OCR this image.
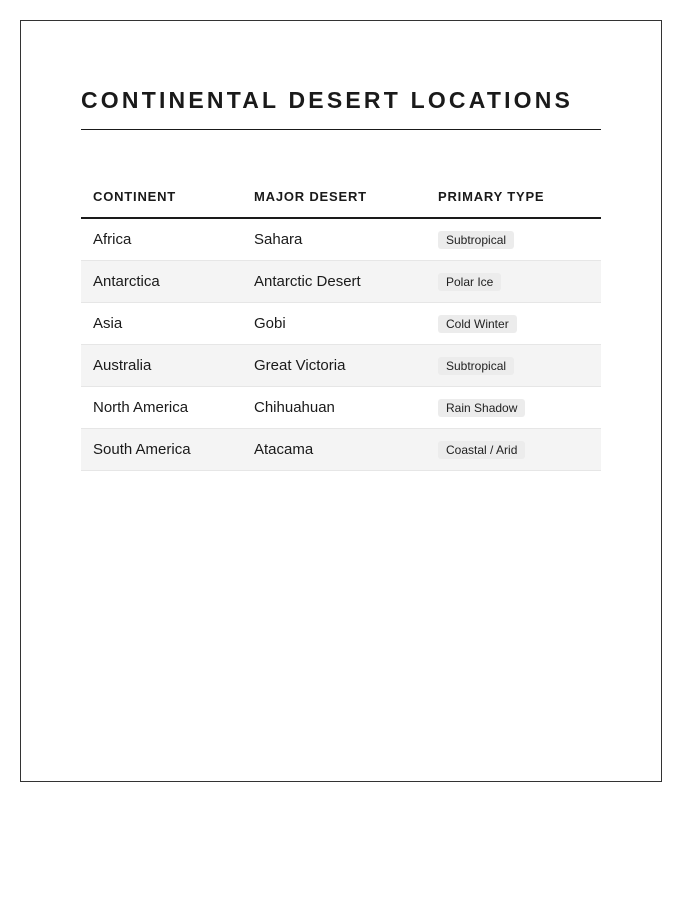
CONTINENTAL DESERT LOCATIONS
CONTINENT	MAJOR DESERT	PRIMARY TYPE
Africa	Sahara	Subtropical
Antarctica	Antarctic Desert	Polar Ice
Asia	Gobi	Cold Winter
Australia	Great Victoria	Subtropical
North America	Chihuahuan	Rain Shadow
South America	Atacama	Coastal / Arid
